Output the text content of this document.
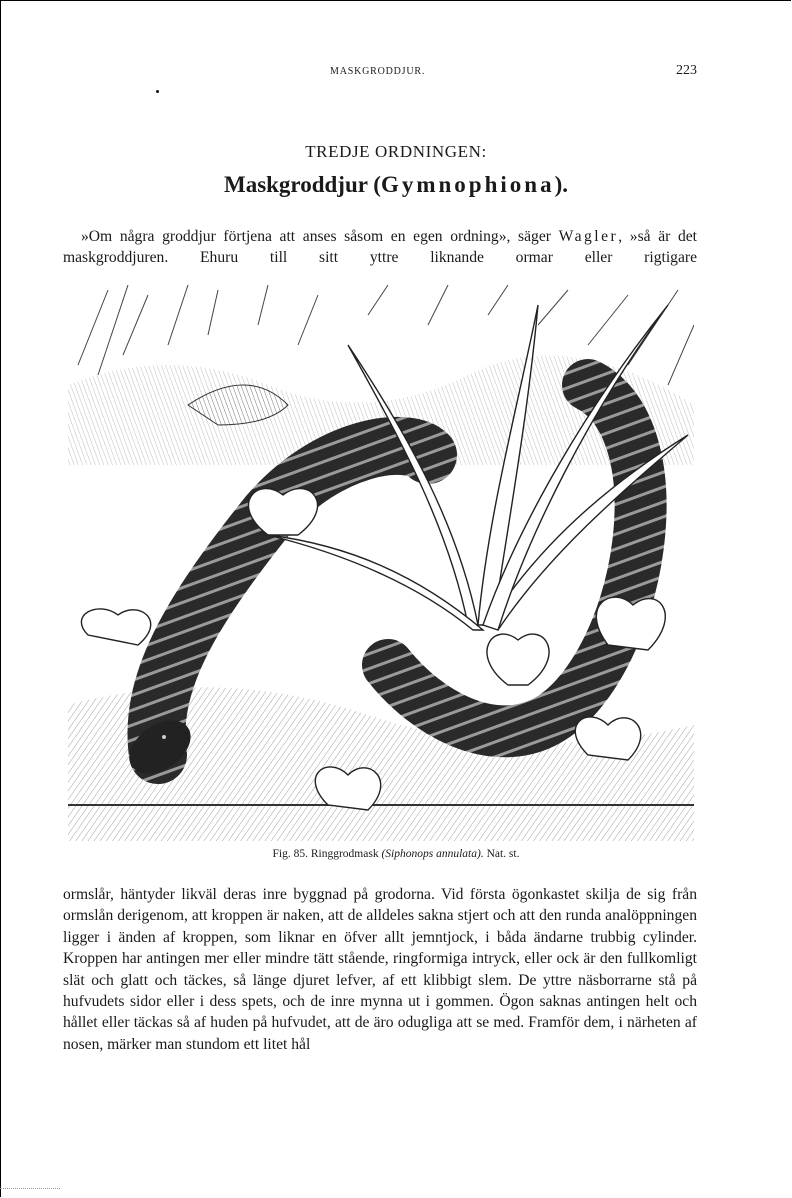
MASKGRODDJUR.	223
TREDJE ORDNINGEN:
Maskgroddjur (Gymnophiona).

»Om några groddjur förtjena att anses såsom en egen ordning», säger Wagler, »så är det maskgroddjuren. Ehuru till sitt yttre liknande ormar eller rigtigare

Fig. 85. Ringgrodmask (Siphonops annulata). Nat. st.

ormslår, häntyder likväl deras inre byggnad på grodorna. Vid första ögonkastet skilja de sig från ormslån derigenom, att kroppen är naken, att de alldeles sakna stjert och att den runda analöppningen ligger i änden af kroppen, som liknar en öfver allt jemntjock, i båda ändarne trubbig cylinder. Kroppen har antingen mer eller mindre tätt stående, ringformiga intryck, eller ock är den fullkomligt slät och glatt och täckes, så länge djuret lefver, af ett klibbigt slem. De yttre näsborrarne stå på hufvudets sidor eller i dess spets, och de inre mynna ut i gommen. Ögon saknas antingen helt och hållet eller täckas så af huden på hufvudet, att de äro odugliga att se med. Framför dem, i närheten af nosen, märker man stundom ett litet hål
